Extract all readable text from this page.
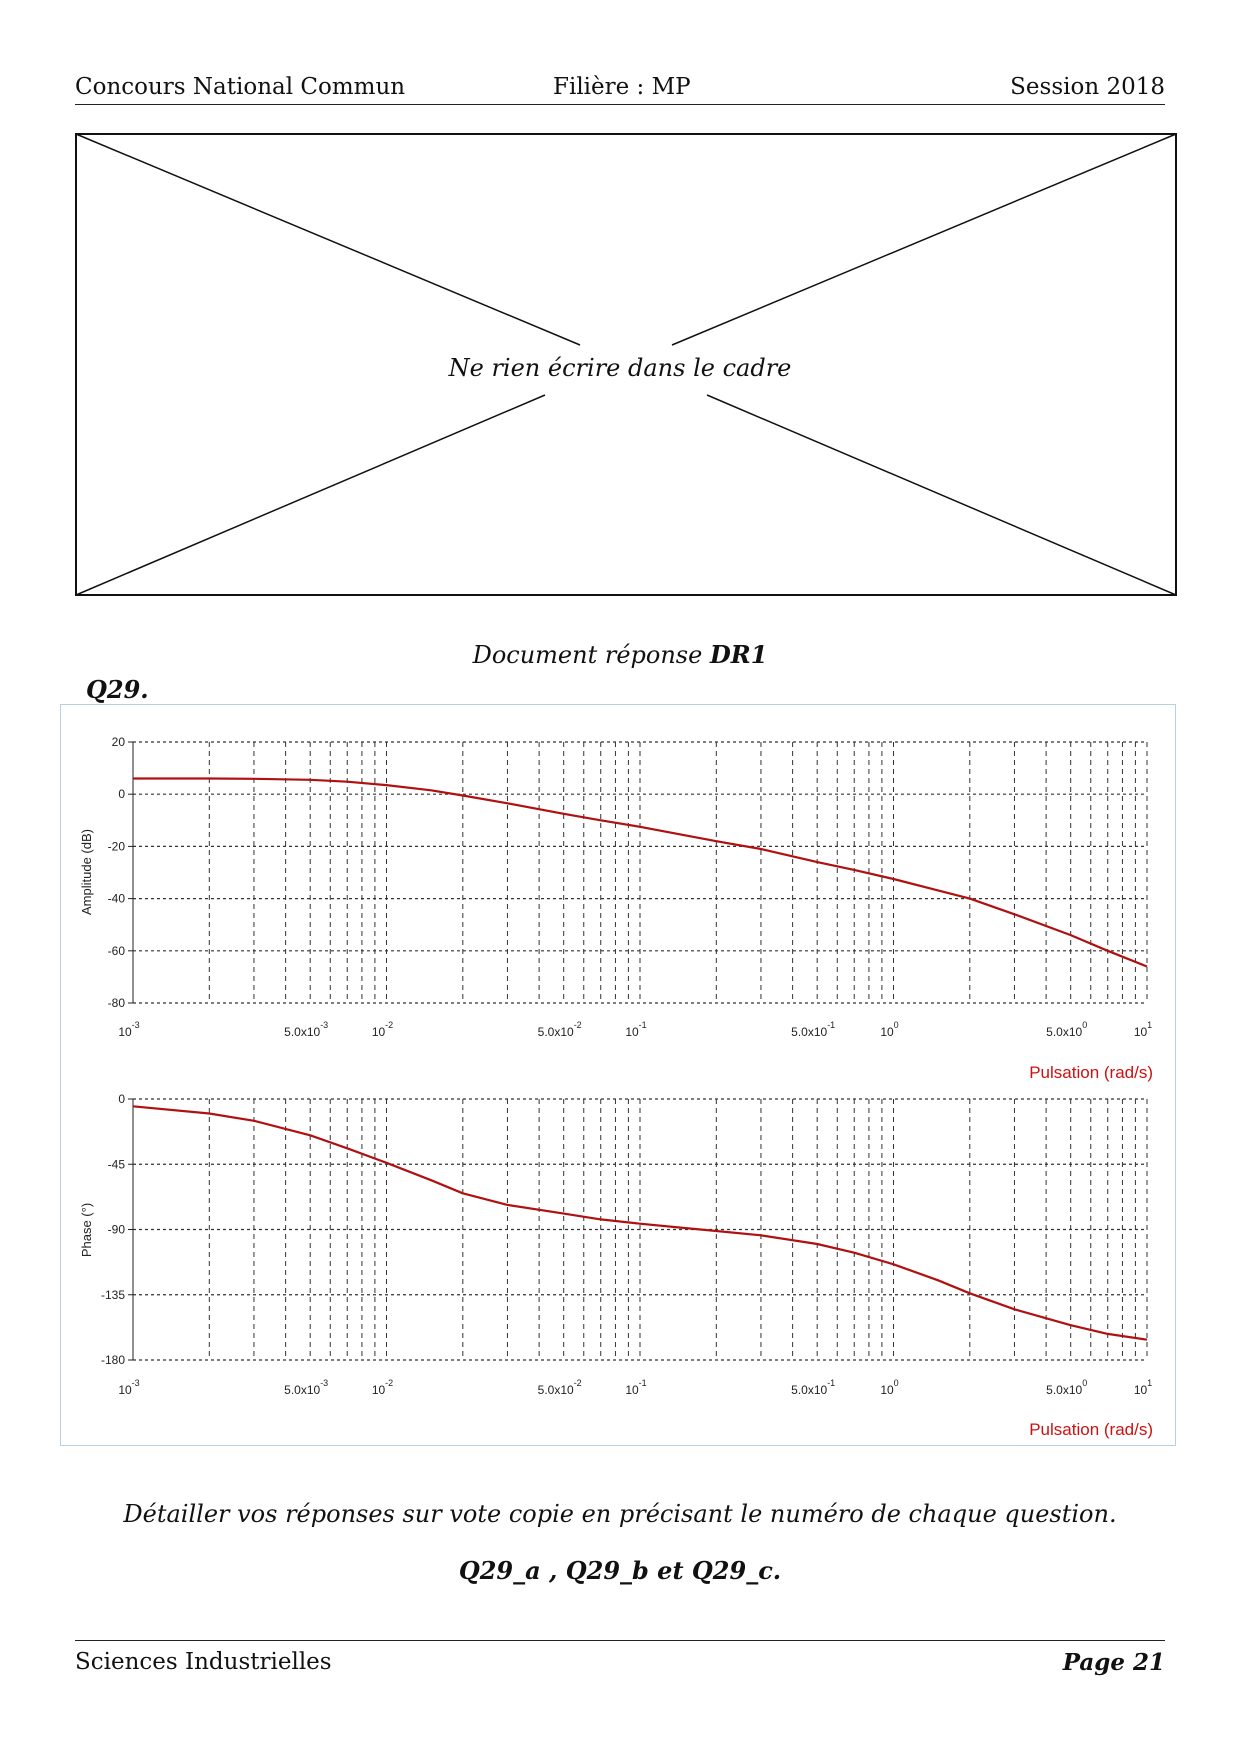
Concours National Commun	Filière : MP	Session 2018
Ne rien écrire dans le cadre
Document réponse DR1
Q29.
20
0
-20
-40
-60
-80
$10^{-3}$	$5.0x10^{-3}$	$10^{-2}$	$5.0x10^{-2}$	$10^{-1}$	$5.0x10^{-1}$	$10^0$	$5.0x10^0$	$10^1$
Amplitude (dB)
Pulsation (rad/s)
0
-45
-90
-135
-180
$10^{-3}$	$5.0x10^{-3}$	$10^{-2}$	$5.0x10^{-2}$	$10^{-1}$	$5.0x10^{-1}$	$10^0$	$5.0x10^0$	$10^1$
Phase (°)
Pulsation (rad/s)
Détailler vos réponses sur vote copie en précisant le numéro de chaque question.
Q29_a , Q29_b et Q29_c.
Sciences Industrielles	Page 21
